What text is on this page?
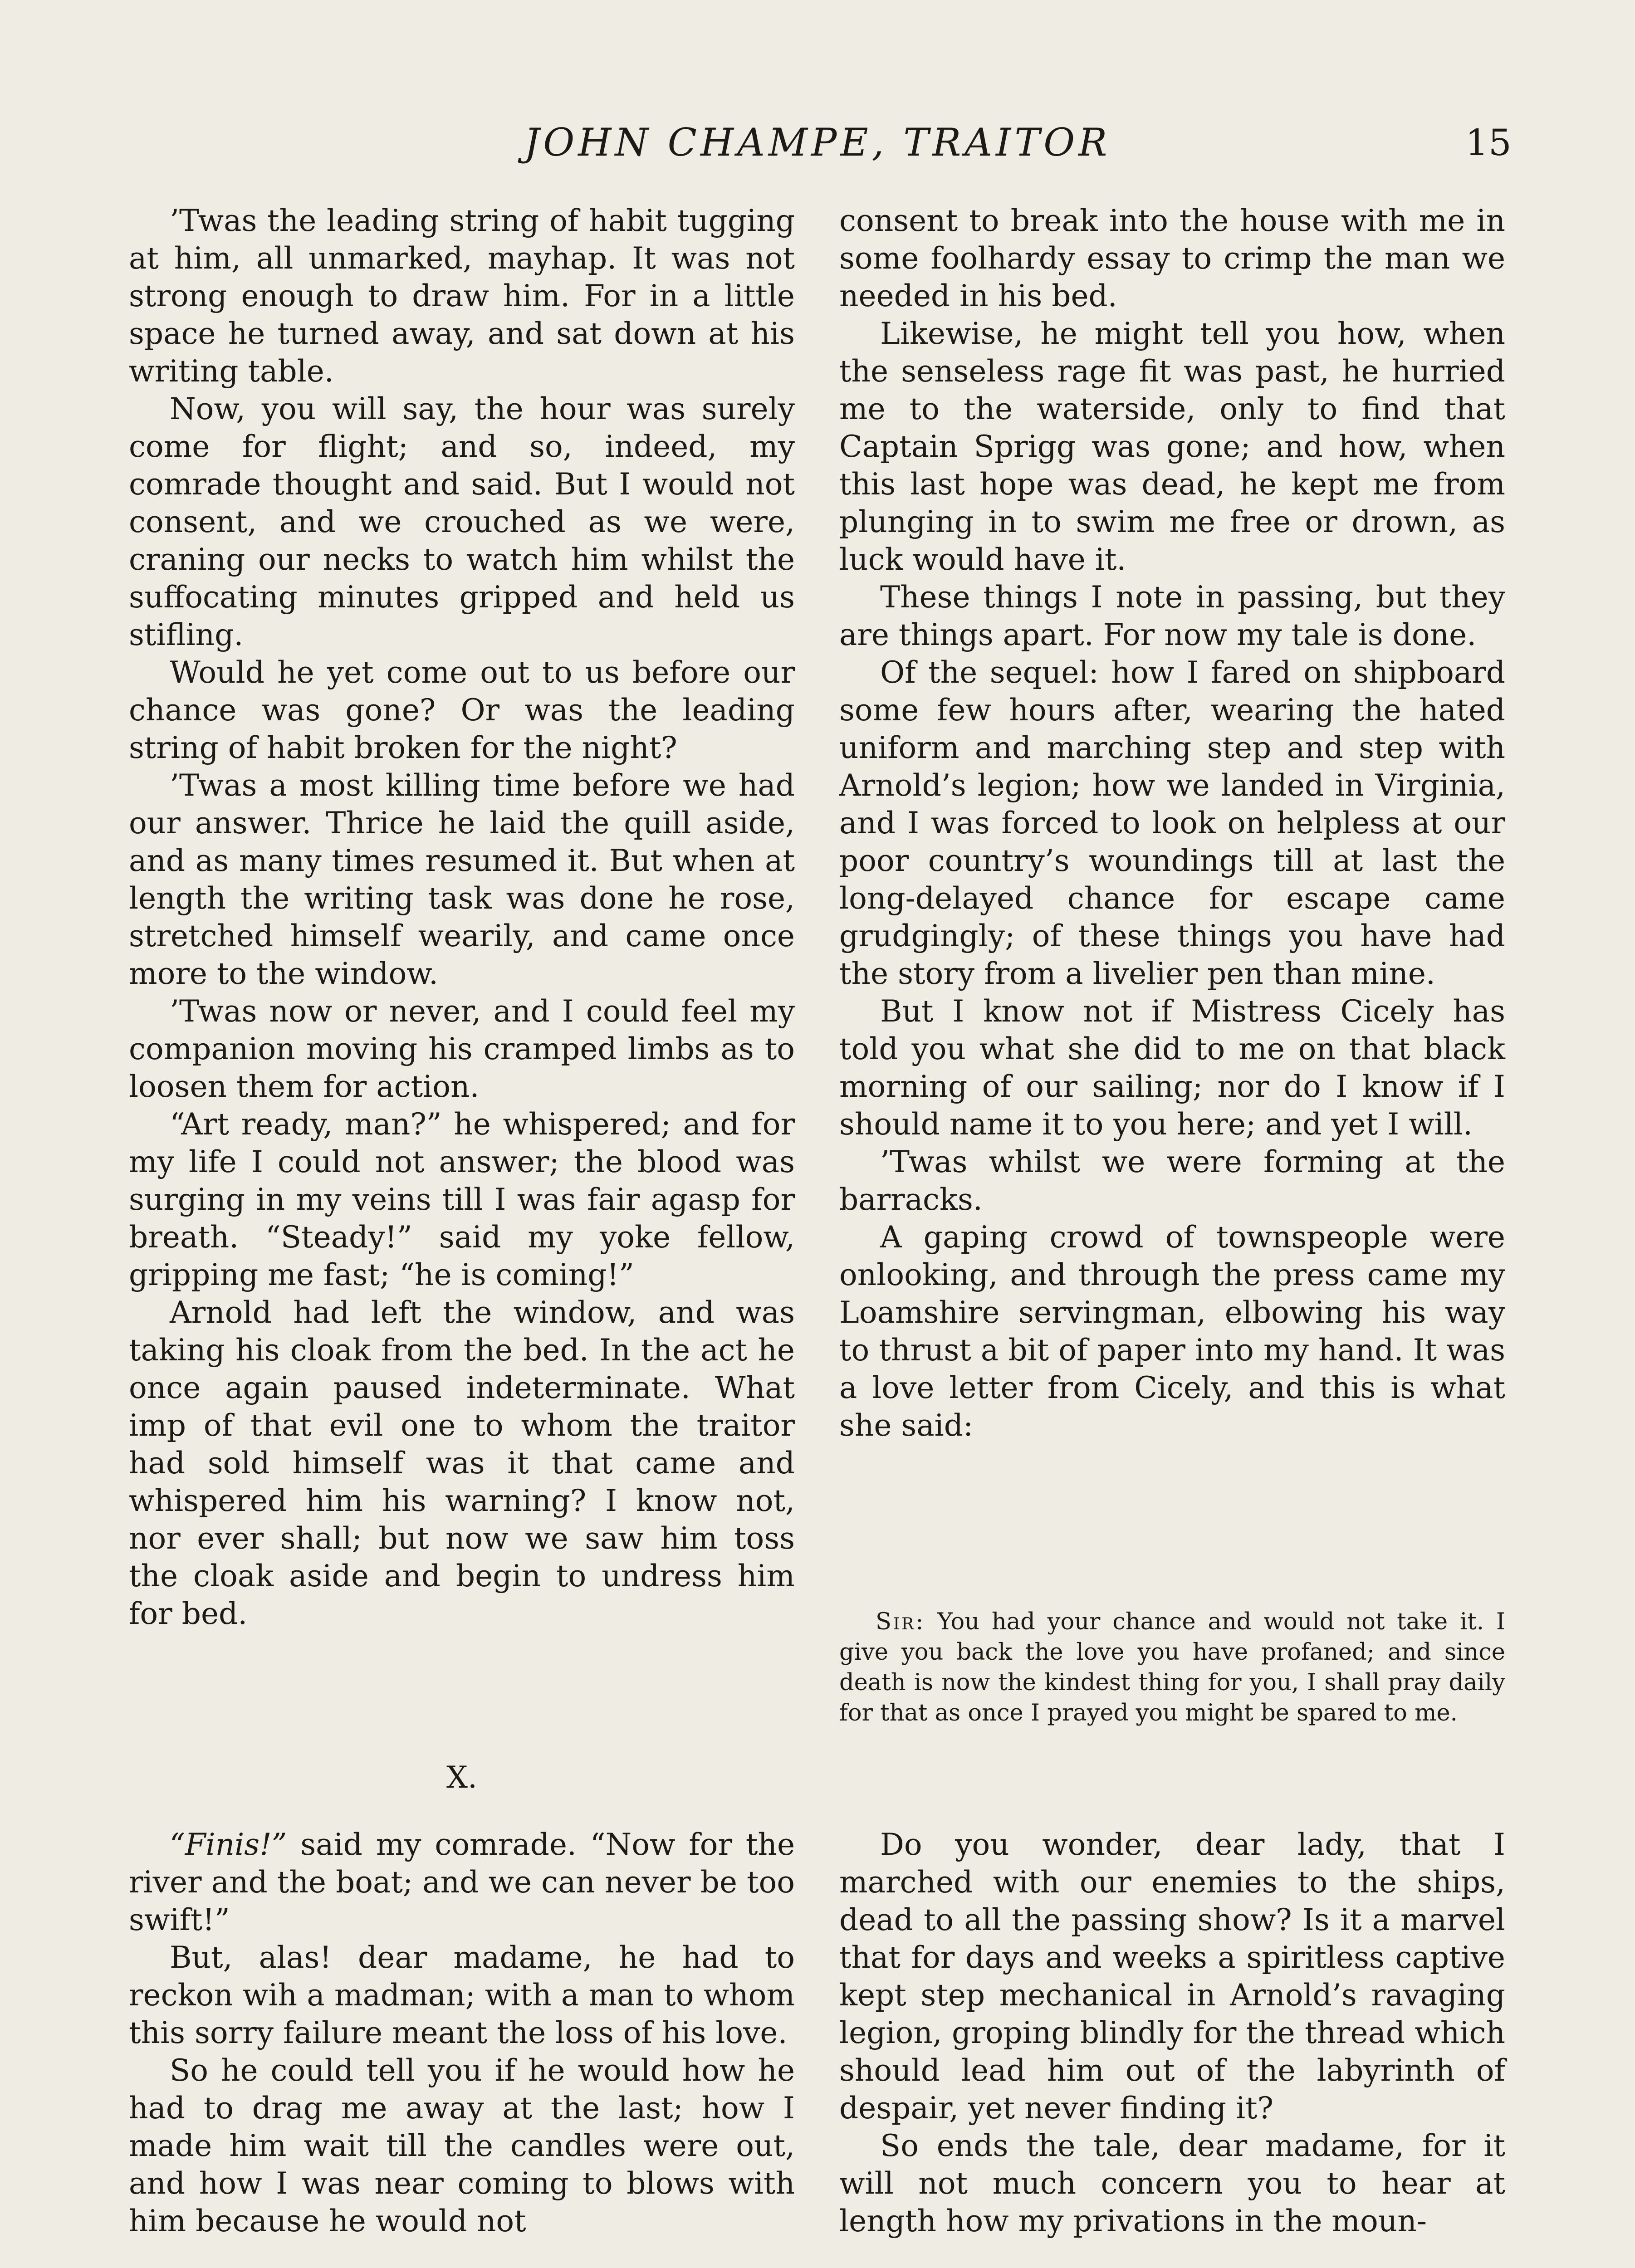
JOHN CHAMPE, TRAITOR	15

’Twas the leading string of habit tugging at him, all unmarked, mayhap. It was not strong enough to draw him. For in a little space he turned away, and sat down at his writing table.

Now, you will say, the hour was surely come for flight; and so, indeed, my comrade thought and said. But I would not consent, and we crouched as we were, craning our necks to watch him whilst the suffocating minutes gripped and held us stifling.

Would he yet come out to us before our chance was gone? Or was the leading string of habit broken for the night?

’Twas a most killing time before we had our answer. Thrice he laid the quill aside, and as many times resumed it. But when at length the writing task was done he rose, stretched himself wearily, and came once more to the window.

’Twas now or never, and I could feel my companion moving his cramped limbs as to loosen them for action.

“Art ready, man?” he whispered; and for my life I could not answer; the blood was surging in my veins till I was fair agasp for breath. “Steady!” said my yoke fellow, gripping me fast; “he is coming!”

Arnold had left the window, and was taking his cloak from the bed. In the act he once again paused indeterminate. What imp of that evil one to whom the traitor had sold himself was it that came and whispered him his warning? I know not, nor ever shall; but now we saw him toss the cloak aside and begin to undress him for bed.

X.

“Finis!” said my comrade. “Now for the river and the boat; and we can never be too swift!”

But, alas! dear madame, he had to reckon wih a madman; with a man to whom this sorry failure meant the loss of his love.

So he could tell you if he would how he had to drag me away at the last; how I made him wait till the candles were out, and how I was near coming to blows with him because he would not

consent to break into the house with me in some foolhardy essay to crimp the man we needed in his bed.

Likewise, he might tell you how, when the senseless rage fit was past, he hurried me to the waterside, only to find that Captain Sprigg was gone; and how, when this last hope was dead, he kept me from plunging in to swim me free or drown, as luck would have it.

These things I note in passing, but they are things apart. For now my tale is done.

Of the sequel: how I fared on shipboard some few hours after, wearing the hated uniform and marching step and step with Arnold’s legion; how we landed in Virginia, and I was forced to look on helpless at our poor country’s woundings till at last the long-delayed chance for escape came grudgingly; of these things you have had the story from a livelier pen than mine.

But I know not if Mistress Cicely has told you what she did to me on that black morning of our sailing; nor do I know if I should name it to you here; and yet I will.

’Twas whilst we were forming at the barracks.

A gaping crowd of townspeople were onlooking, and through the press came my Loamshire servingman, elbowing his way to thrust a bit of paper into my hand. It was a love letter from Cicely, and this is what she said:

Sir: You had your chance and would not take it. I give you back the love you have profaned; and since death is now the kindest thing for you, I shall pray daily for that as once I prayed you might be spared to me.

Do you wonder, dear lady, that I marched with our enemies to the ships, dead to all the passing show? Is it a marvel that for days and weeks a spiritless captive kept step mechanical in Arnold’s ravaging legion, groping blindly for the thread which should lead him out of the labyrinth of despair, yet never finding it?

So ends the tale, dear madame, for it will not much concern you to hear at length how my privations in the moun-
